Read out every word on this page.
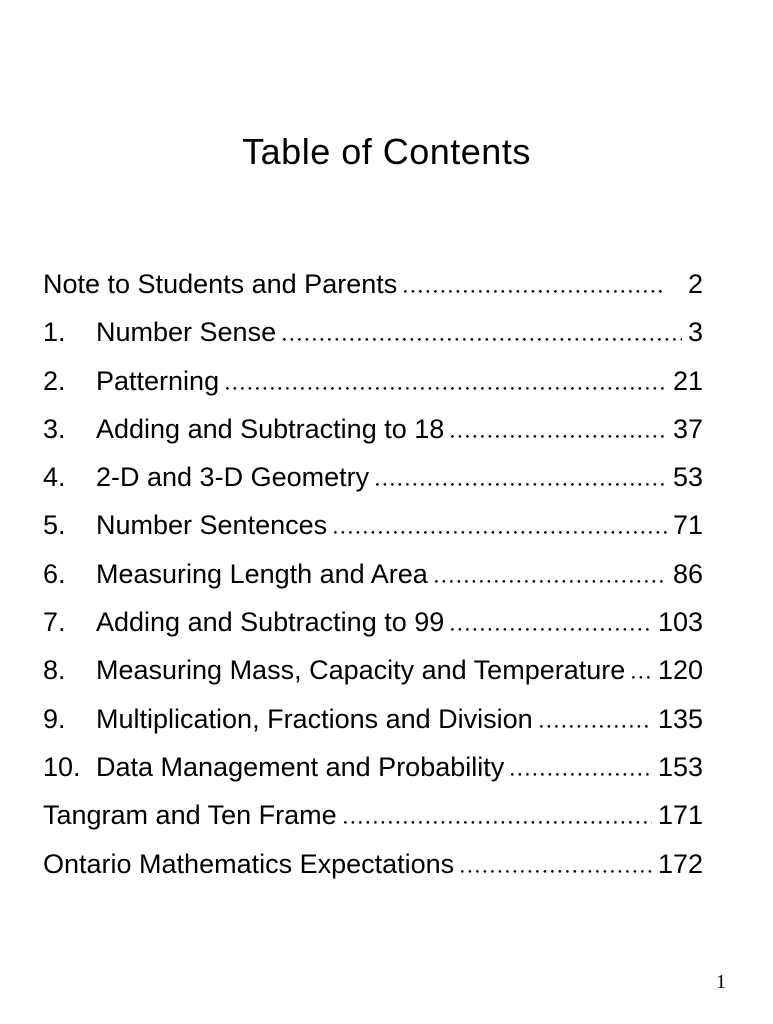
Table of Contents
Note to Students and Parents	2
1.	Number Sense	3
2.	Patterning	21
3.	Adding and Subtracting to 18	37
4.	2-D and 3-D Geometry	53
5.	Number Sentences	71
6.	Measuring Length and Area	86
7.	Adding and Subtracting to 99	103
8.	Measuring Mass, Capacity and Temperature 120
9.	Multiplication, Fractions and Division	135
10. Data Management and Probability	153
Tangram and Ten Frame	171
Ontario Mathematics Expectations	172
1
